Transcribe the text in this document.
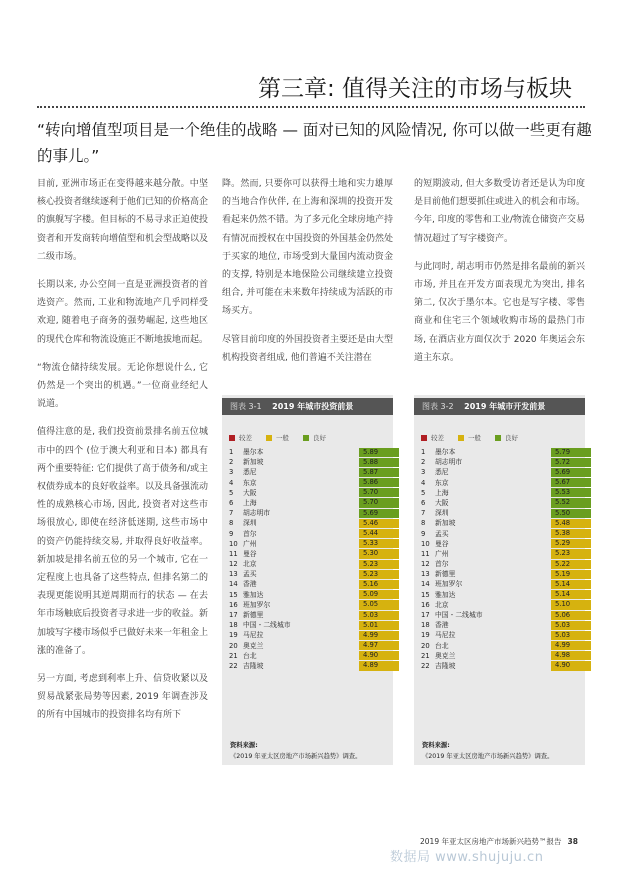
第三章: 值得关注的市场与板块
“转向增值型项目是一个绝佳的战略 — 面对已知的风险情况, 你可以做一些更有趣的事儿。”

目前, 亚洲市场正在变得越来越分散。中坚核心投资者继续逐利于他们已知的价格高企的旗舰写字楼。但目标的不易寻求正迫使投资者和开发商转向增值型和机会型战略以及二级市场。

长期以来, 办公空间一直是亚洲投资者的首选资产。然而, 工业和物流地产几乎同样受欢迎, 随着电子商务的强势崛起, 这些地区的现代仓库和物流设施正不断地拔地而起。

“物流仓储持续发展。无论你想说什么, 它仍然是一个突出的机遇。”一位商业经纪人说道。

值得注意的是, 我们投资前景排名前五位城市中的四个 (位于澳大利亚和日本) 都具有两个重要特征: 它们提供了高于债务和/或主权债券成本的良好收益率。以及具备强流动性的成熟核心市场, 因此, 投资者对这些市场很放心, 即使在经济低迷期, 这些市场中的资产仍能持续交易, 并取得良好收益率。新加坡是排名前五位的另一个城市, 它在一定程度上也具备了这些特点, 但排名第二的表现更能说明其逆周期而行的状态 — 在去年市场触底后投资者寻求进一步的收益。新加坡写字楼市场似乎已做好未来一年租金上涨的准备了。

另一方面, 考虑到利率上升、信贷收紧以及贸易战紧张局势等因素, 2019 年调查涉及的所有中国城市的投资排名均有所下

降。然而, 只要你可以获得土地和实力雄厚的当地合作伙伴, 在上海和深圳的投资开发看起来仍然不错。为了多元化全球房地产持有情况而授权在中国投资的外国基金仍然处于买家的地位, 市场受到大量国内流动资金的支撑, 特别是本地保险公司继续建立投资组合, 并可能在未来数年持续成为活跃的市场买方。

尽管目前印度的外国投资者主要还是由大型机构投资者组成, 他们普遍不关注潜在

的短期波动, 但大多数受访者还是认为印度是目前他们想要抓住或进入的机会和市场。今年, 印度的零售和工业/物流仓储资产交易情况超过了写字楼资产。

与此同时, 胡志明市仍然是排名最前的新兴市场, 并且在开发方面表现尤为突出, 排名第二, 仅次于墨尔本。它也是写字楼、零售商业和住宅三个领域收购市场的最热门市场, 在酒店业方面仅次于 2020 年奥运会东道主东京。

图表 3-1 2019 年城市投资前景
较差	一般	良好
1	墨尔本	5.89
2	新加坡	5.88
3	悉尼	5.87
4	东京	5.86
5	大阪	5.70
6	上海	5.70
7	胡志明市	5.69
8	深圳	5.46
9	首尔	5.44
10 广州	5.33
11 曼谷	5.30
12 北京	5.23
13 孟买	5.23
14 香港	5.16
15 雅加达	5.09
16 班加罗尔	5.05
17 新德里	5.03
18 中国 - 二线城市	5.01
19 马尼拉	4.99
20 奥克兰	4.97
21 台北	4.90
22 吉隆坡	4.89
资料来源:
《2019 年亚太区房地产市场新兴趋势》调查。
图表 3-2 2019 年城市开发前景
较差	一般	良好
1	墨尔本	5.79
2	胡志明市	5.72
3	悉尼	5.69
4	东京	5.67
5	上海	5.53
6	大阪	5.52
7	深圳	5.50
8	新加坡	5.48
9	孟买	5.38
10 曼谷	5.29
11 广州	5.23
12 首尔	5.22
13 新德里	5.19
14 班加罗尔	5.14
15 雅加达	5.14
16 北京	5.10
17 中国 - 二线城市	5.06
18 香港	5.03
19 马尼拉	5.03
20 台北	4.99
21 奥克兰	4.98
22 吉隆坡	4.90
资料来源:
《2019 年亚太区房地产市场新兴趋势》调查。
2019 年亚太区房地产市场新兴趋势™报告 38
数据局 www.shujuju.cn
